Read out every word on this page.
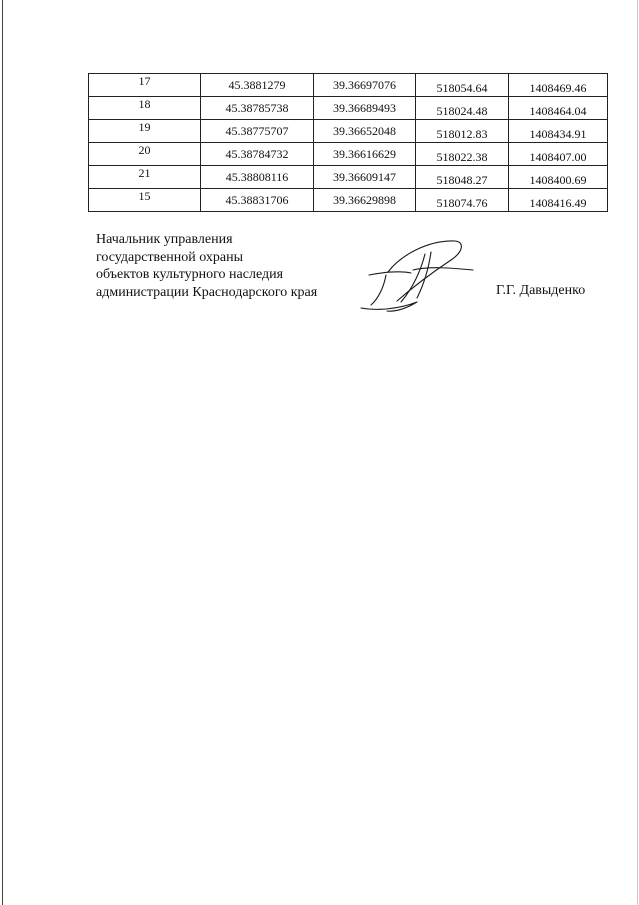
17	45.3881279	39.36697076	518054.64	1408469.46
18	45.38785738	39.36689493	518024.48	1408464.04
19	45.38775707	39.36652048	518012.83	1408434.91
20	45.38784732	39.36616629	518022.38	1408407.00
21	45.38808116	39.36609147	518048.27	1408400.69
15	45.38831706	39.36629898	518074.76	1408416.49
Начальник управления
государственной охраны
объектов культурного наследия
администрации Краснодарского края	Г.Г. Давыденко
